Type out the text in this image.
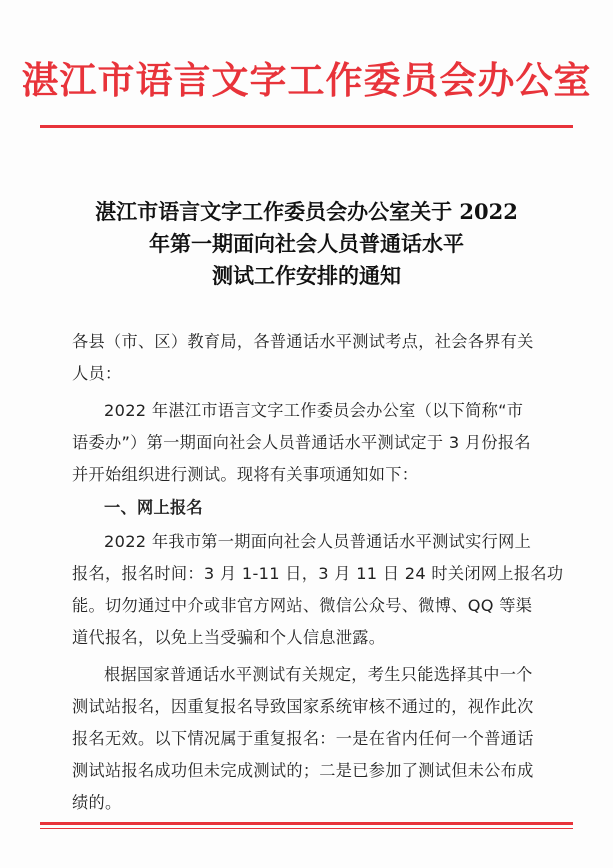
湛江市语言文字工作委员会办公室
湛江市语言文字工作委员会办公室关于 2022
年第一期面向社会人员普通话水平
测试工作安排的通知
各县（市、区）教育局，各普通话水平测试考点，社会各界有关
人员：
2022 年湛江市语言文字工作委员会办公室（以下简称“市
语委办”）第一期面向社会人员普通话水平测试定于 3 月份报名
并开始组织进行测试。现将有关事项通知如下：
一、网上报名
2022 年我市第一期面向社会人员普通话水平测试实行网上
报名，报名时间：3 月 1-11 日，3 月 11 日 24 时关闭网上报名功
能。切勿通过中介或非官方网站、微信公众号、微博、QQ 等渠
道代报名，以免上当受骗和个人信息泄露。
根据国家普通话水平测试有关规定，考生只能选择其中一个
测试站报名，因重复报名导致国家系统审核不通过的，视作此次
报名无效。以下情况属于重复报名：一是在省内任何一个普通话
测试站报名成功但未完成测试的；二是已参加了测试但未公布成
绩的。
